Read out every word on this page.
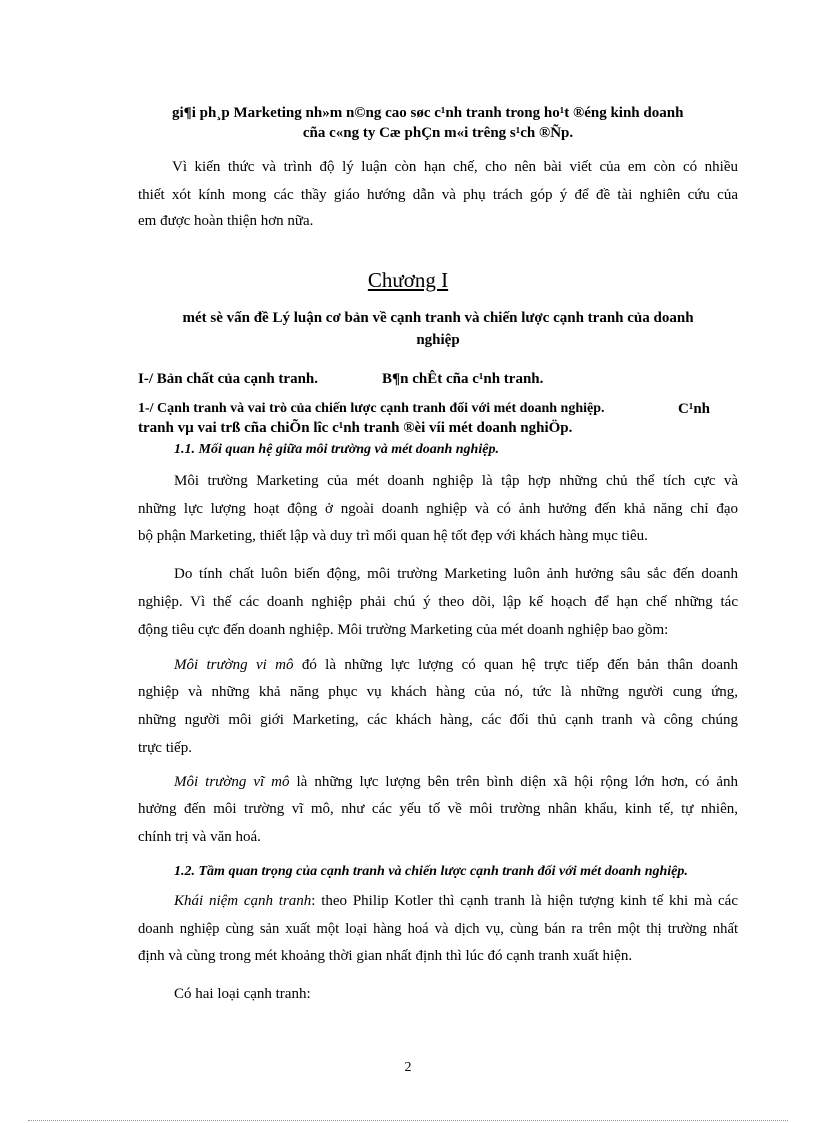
gi¶i ph¸p Marketing nh»m n©ng cao søc c¹nh tranh trong ho¹t ®éng kinh doanh
cña c«ng ty Cæ phÇn m«i trêng s¹ch ®Ñp.
Vì kiến thức và trình độ lý luận còn hạn chế, cho nên bài viết của em còn có nhiều
thiết xót kính mong các thầy giáo hướng dẫn và phụ trách góp ý để đề tài nghiên cứu của
em được hoàn thiện hơn nữa.
Chương I
mét sè vấn đề Lý luận cơ bản về cạnh tranh và chiến lược cạnh tranh của doanh
nghiệp
I-/ Bản chất của cạnh tranh.	B¶n chÊt cña c¹nh tranh.
1-/ Cạnh tranh và vai trò của chiến lược cạnh tranh đối với mét doanh nghiệp.	C¹nh
tranh vµ vai trß cña chiÕn lîc c¹nh tranh ®èi víi mét doanh nghiÖp.
1.1. Mối quan hệ giữa môi trường và mét doanh nghiệp.
Môi trường Marketing của mét doanh nghiệp là tập hợp những chủ thể tích cực và
những lực lượng hoạt động ở ngoài doanh nghiệp và có ảnh hưởng đến khả năng chỉ đạo
bộ phận Marketing, thiết lập và duy trì mối quan hệ tốt đẹp với khách hàng mục tiêu.
Do tính chất luôn biến động, môi trường Marketing luôn ảnh hưởng sâu sắc đến doanh
nghiệp. Vì thế các doanh nghiệp phải chú ý theo dõi, lập kế hoạch để hạn chế những tác
động tiêu cực đến doanh nghiệp. Môi trường Marketing của mét doanh nghiệp bao gồm:
Môi trường vi mô đó là những lực lượng có quan hệ trực tiếp đến bản thân doanh
nghiệp và những khả năng phục vụ khách hàng của nó, tức là những người cung ứng,
những người môi giới Marketing, các khách hàng, các đối thủ cạnh tranh và công chúng
trực tiếp.
Môi trường vĩ mô là những lực lượng bên trên bình diện xã hội rộng lớn hơn, có ảnh
hưởng đến môi trường vĩ mô, như các yếu tố về môi trường nhân khẩu, kinh tế, tự nhiên,
chính trị và văn hoá.
1.2. Tầm quan trọng của cạnh tranh và chiến lược cạnh tranh đối với mét doanh nghiệp.
Khái niệm cạnh tranh: theo Philip Kotler thì cạnh tranh là hiện tượng kinh tế khi mà các
doanh nghiệp cùng sản xuất một loại hàng hoá và dịch vụ, cùng bán ra trên một thị trường nhất
định và cùng trong mét khoảng thời gian nhất định thì lúc đó cạnh tranh xuất hiện.
Có hai loại cạnh tranh:
2
